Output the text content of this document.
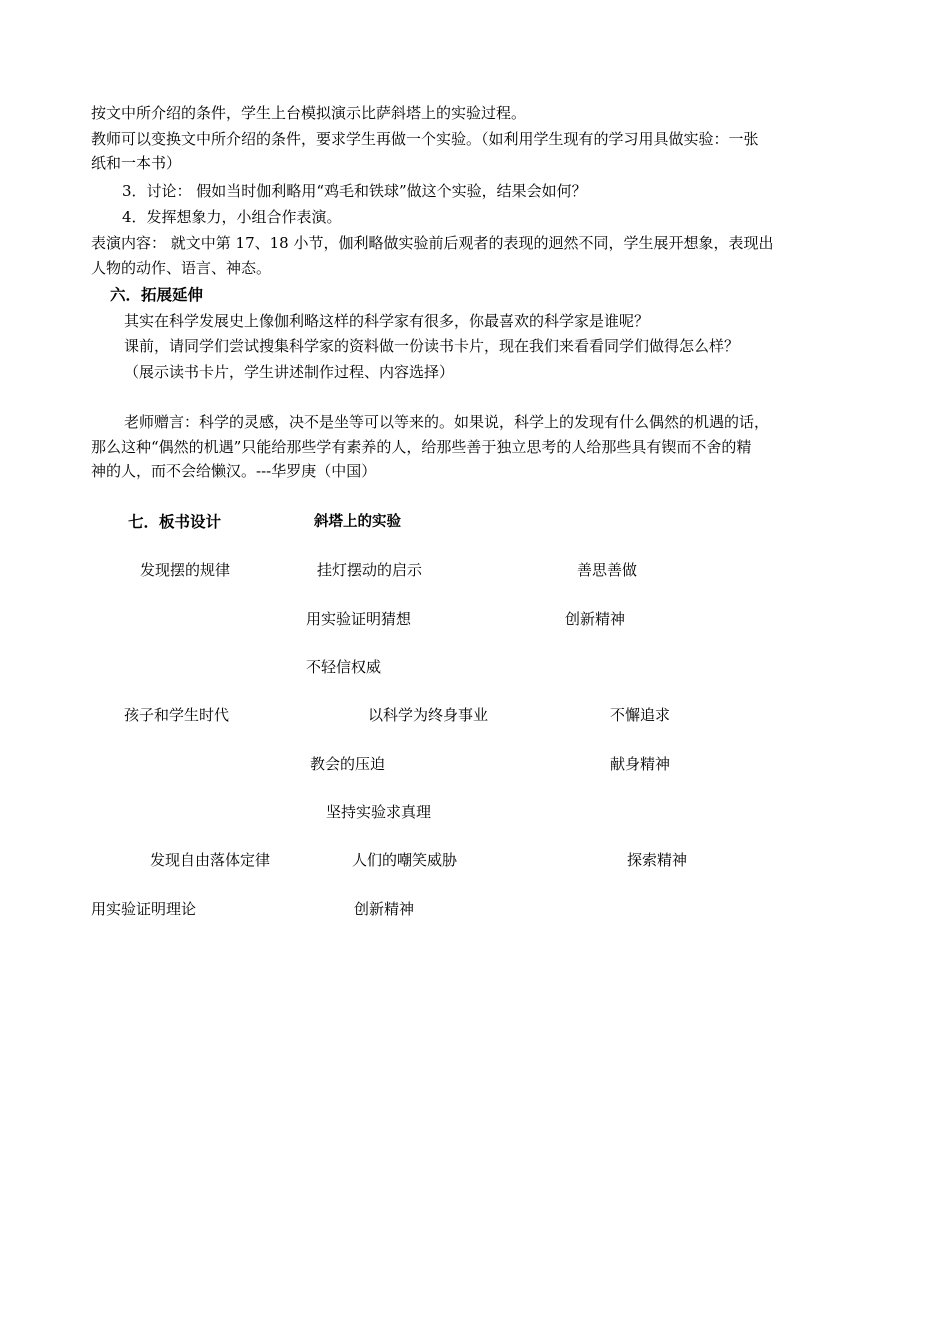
按文中所介绍的条件，学生上台模拟演示比萨斜塔上的实验过程。
教师可以变换文中所介绍的条件，要求学生再做一个实验。（如利用学生现有的学习用具做实验：一张
纸和一本书）
3．讨论： 假如当时伽利略用“鸡毛和铁球”做这个实验，结果会如何？
4．发挥想象力，小组合作表演。
表演内容： 就文中第 17、18 小节，伽利略做实验前后观者的表现的迥然不同，学生展开想象，表现出
人物的动作、语言、神态。
六．拓展延伸
其实在科学发展史上像伽利略这样的科学家有很多，你最喜欢的科学家是谁呢？
课前，请同学们尝试搜集科学家的资料做一份读书卡片，现在我们来看看同学们做得怎么样？
（展示读书卡片，学生讲述制作过程、内容选择）
老师赠言：科学的灵感，决不是坐等可以等来的。如果说，科学上的发现有什么偶然的机遇的话，
那么这种“偶然的机遇”只能给那些学有素养的人，给那些善于独立思考的人给那些具有锲而不舍的精
神的人，而不会给懒汉。---华罗庚（中国）
七．板书设计	斜塔上的实验
发现摆的规律	挂灯摆动的启示	善思善做
用实验证明猜想	创新精神
不轻信权威
孩子和学生时代	以科学为终身事业	不懈追求
教会的压迫	献身精神
坚持实验求真理
发现自由落体定律	人们的嘲笑威胁	探索精神
用实验证明理论	创新精神
